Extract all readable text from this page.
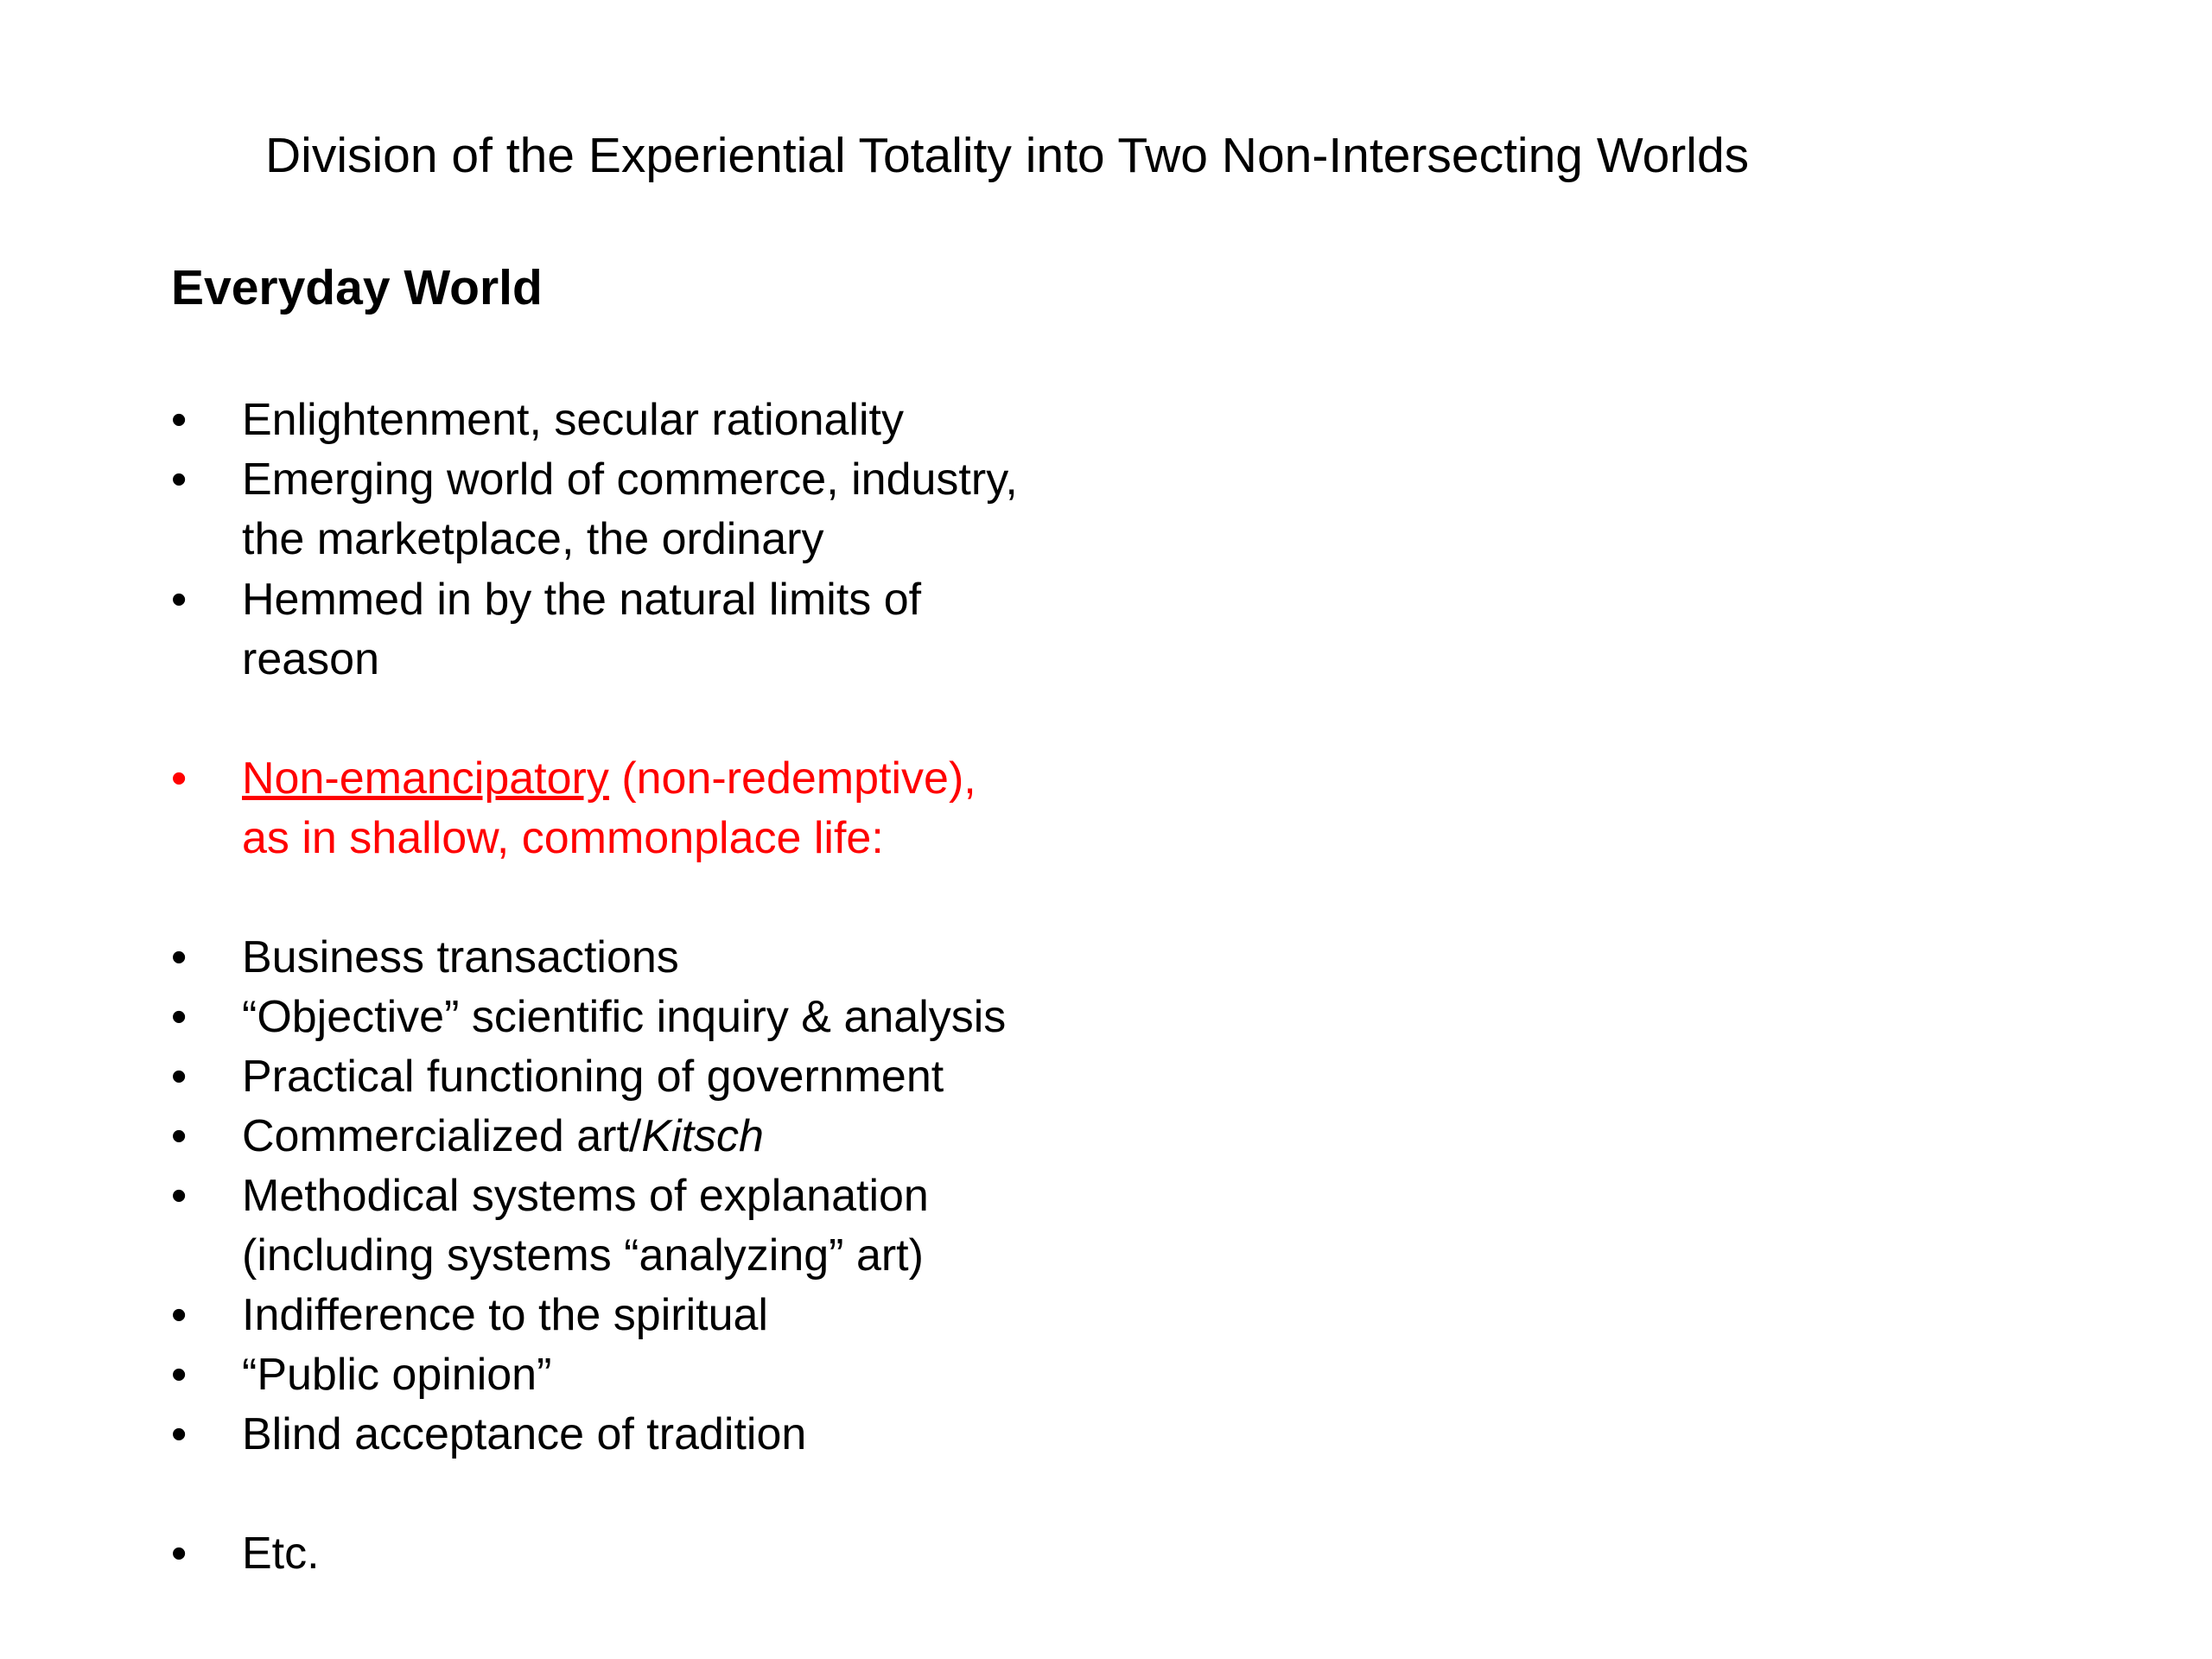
Division of the Experiential Totality into Two Non-Intersecting Worlds
Everyday World
• Enlightenment, secular rationality
• Emerging world of commerce, industry,
the marketplace, the ordinary
• Hemmed in by the natural limits of
reason
• Non-emancipatory (non-redemptive),
as in shallow, commonplace life:
• Business transactions
• “Objective” scientific inquiry & analysis
• Practical functioning of government
• Commercialized art/Kitsch
• Methodical systems of explanation
(including systems “analyzing” art)
• Indifference to the spiritual
• “Public opinion”
• Blind acceptance of tradition
• Etc.
